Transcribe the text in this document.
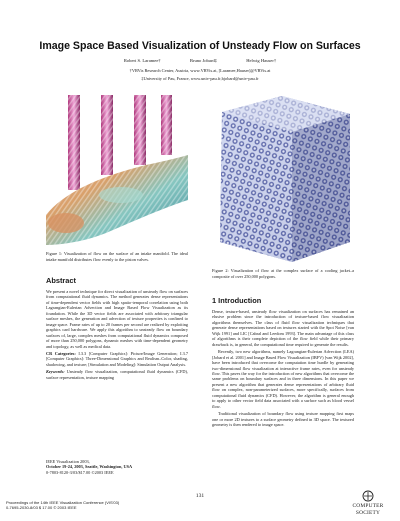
Image Space Based Visualization of Unsteady Flow on Surfaces
Robert S. Laramee†	Bruno Jobard‡	Helwig Hauser†
†VRVis Research Center, Austria, www.VRVis.at, [Laramee,Hauser]@VRVis.at
‡University of Pau, France, www.univ-pau.fr,bjobard@univ-pau.fr
Figure 1: Visualization of flow on the surface of an intake manifold. The ideal intake manifold distributes flow evenly to the piston valves.
Figure 2: Visualization of flow at the complex surface of a cooling jacket–a composite of over 250,000 polygons.
Abstract

We present a novel technique for direct visualization of unsteady flow on surfaces from computational fluid dynamics. The method generates dense representations of time-dependent vector fields with high spatio-temporal correlation using both Lagrangian-Eulerian Advection and Image Based Flow Visualization as its foundation. While the 3D vector fields are associated with arbitrary triangular surface meshes, the generation and advection of texture properties is confined to image space. Frame rates of up to 20 frames per second are realized by exploiting graphics card hardware. We apply this algorithm to unsteady flow on boundary surfaces of, large, complex meshes from computational fluid dynamics composed of more than 250,000 polygons, dynamic meshes with time-dependent geometry and topology, as well as medical data.

CR Categories: I.3.3 [Computer Graphics]: Picture/Image Generation; I.3.7 [Computer Graphics]: Three-Dimensional Graphics and Realism–Color, shading, shadowing, and texture; [Simulation and Modeling]: Simulation Output Analysis.

Keywords: Unsteady flow visualization, computational fluid dynamics (CFD), surface representation, texture mapping

IEEE Visualization 2003,
October 19-24, 2003, Seattle, Washington, USA
0-7803-8120-3/03/$17.00 ©2003 IEEE
1 Introduction

Dense, texture-based, unsteady flow visualization on surfaces has remained an elusive problem since the introduction of texture-based flow visualization algorithms themselves. The class of fluid flow visualization techniques that generate dense representations based on textures started with the Spot Noise [van Wijk 1991] and LIC [Cabral and Leedom 1993]. The main advantage of this class of algorithms is their complete depiction of the flow field while their primary drawback is, in general, the computational time required to generate the results.

Recently, two new algorithms, namely Lagrangian-Eulerian Advection (LEA) [Jobard et al. 2001] and Image Based Flow Visualization (IBFV) [van Wijk 2002], have been introduced that overcome the computation time hurdle by generating two-dimensional flow visualization at interactive frame rates, even for unsteady flow. This paves the way for the introduction of new algorithms that overcome the same problems on boundary surfaces and in three dimensions. In this paper we present a new algorithm that generates dense representations of arbitrary fluid flow on complex, non-parameterized surfaces, more specifically, surfaces from computational fluid dynamics (CFD). However, the algorithm is general enough to apply to other vector field data associated with a surface such as blood vessel flow.

Traditional visualization of boundary flow using texture mapping first maps one or more 2D textures to a surface geometry defined in 3D space. The textured geometry is then rendered to image space.

131
Proceedings of the 14th IEEE Visualization Conference (VIS'03)
0-7695-2030-8/03 $ 17.00 © 2003 IEEE	COMPUTER
SOCIETY
